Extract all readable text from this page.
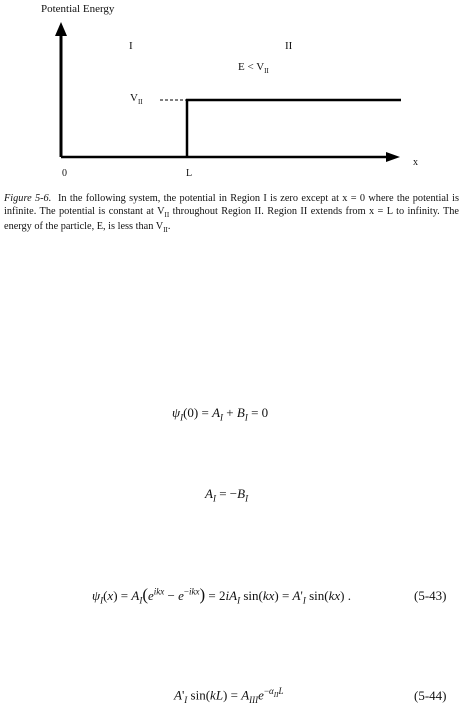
Potential Energy
I	II
$E < V_{II}$
$V_{II}$
0	L
x
Figure 5-6. In the following system, the potential in Region I is zero except at x = 0 where the potential is infinite. The potential is constant at $V_{II}$ throughout Region II. Region II extends from x = L to infinity. The energy of the particle, E, is less than $V_{II}$.
$\psi_I(0) = A_I + B_I = 0$
$A_I = -B_I$
$\psi_I(x) = A_I(e^{ikx} - e^{-ikx}) = 2iA_I$ $\sin(kx) = A'_I$ sin(kx) .	(5-43)
$A'_I$ $\sin(kL) = A_{III}e^{-\alpha_{II}L}$	(5-44)
